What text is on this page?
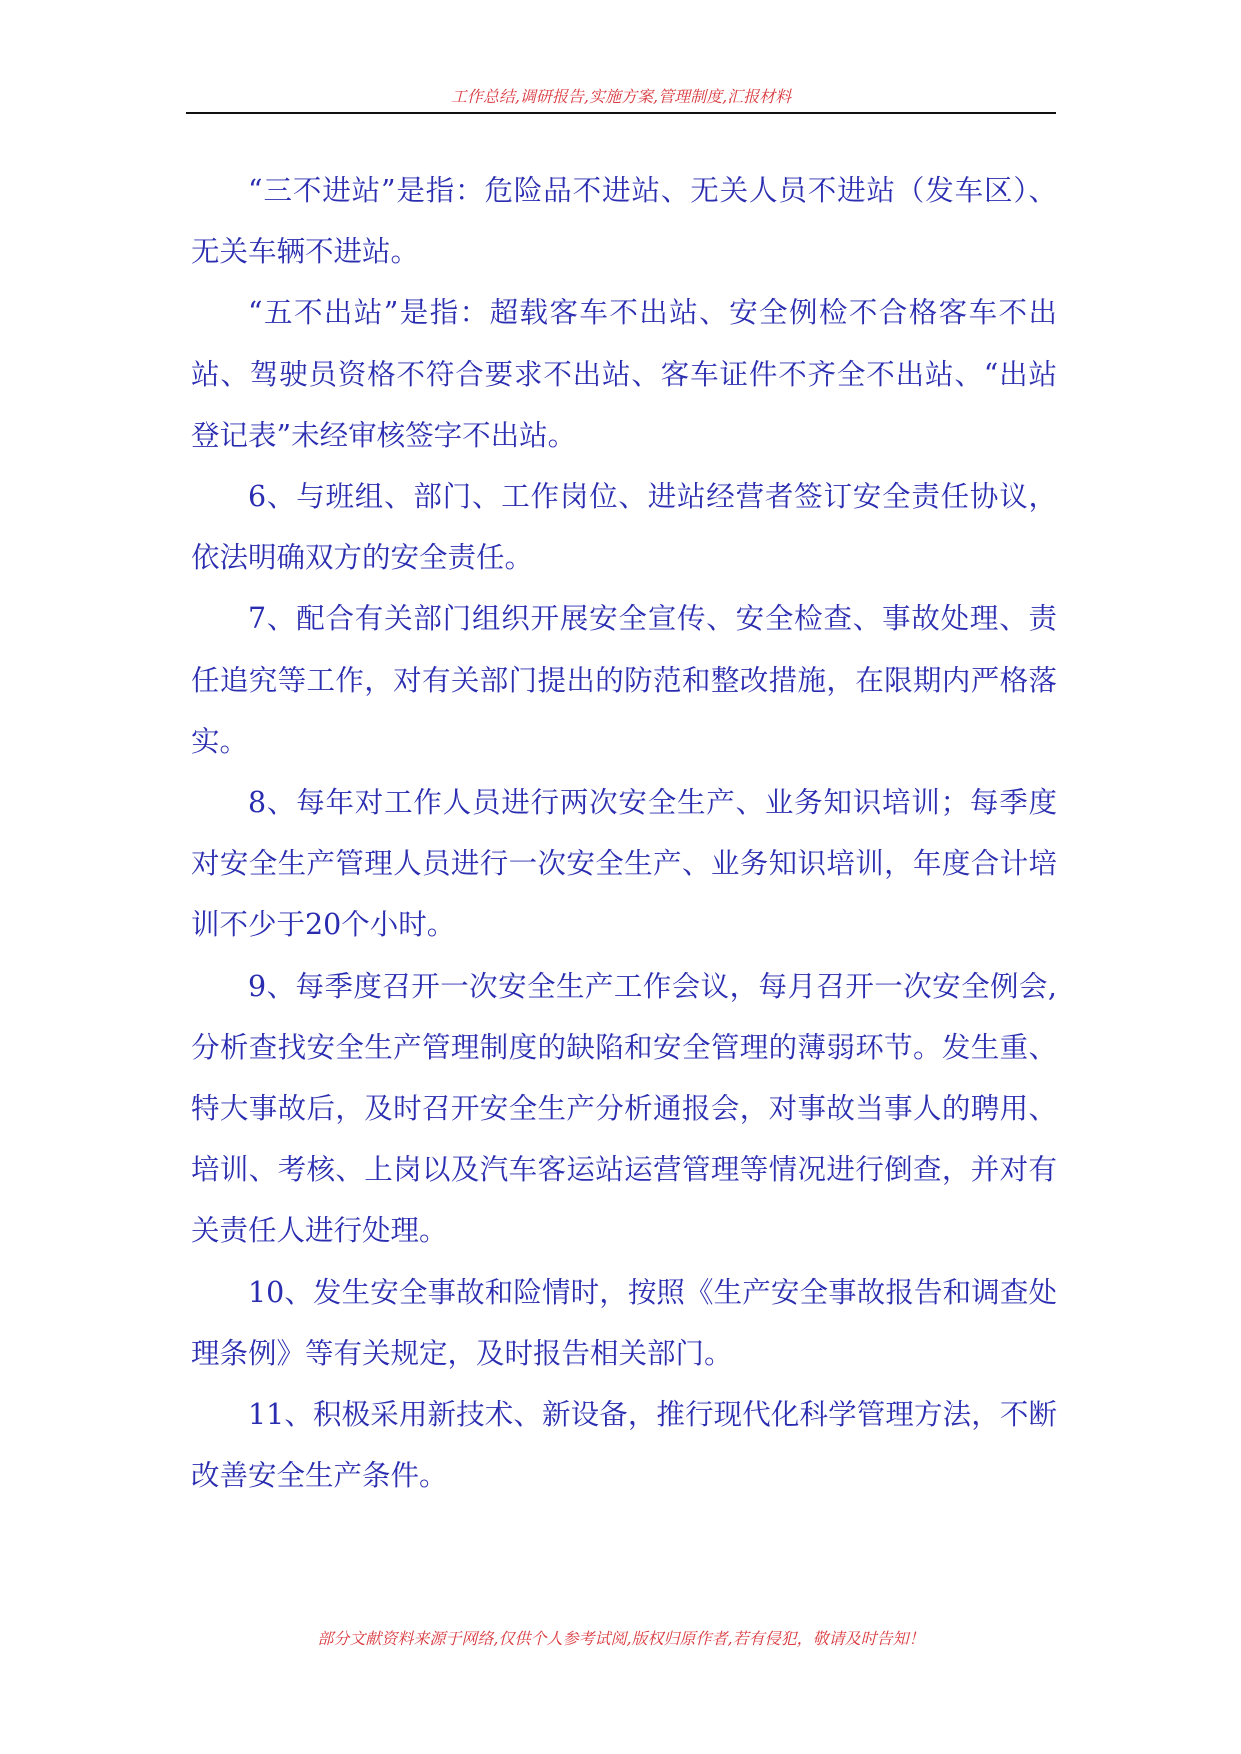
工作总结,调研报告,实施方案,管理制度,汇报材料

“三不进站”是指：危险品不进站、无关人员不进站（发车区）、无关车辆不进站。

“五不出站”是指：超载客车不出站、安全例检不合格客车不出站、驾驶员资格不符合要求不出站、客车证件不齐全不出站、“出站登记表”未经审核签字不出站。

6、与班组、部门、工作岗位、进站经营者签订安全责任协议，依法明确双方的安全责任。

7、配合有关部门组织开展安全宣传、安全检查、事故处理、责任追究等工作，对有关部门提出的防范和整改措施，在限期内严格落实。

8、每年对工作人员进行两次安全生产、业务知识培训；每季度对安全生产管理人员进行一次安全生产、业务知识培训，年度合计培训不少于20个小时。

9、每季度召开一次安全生产工作会议，每月召开一次安全例会,分析查找安全生产管理制度的缺陷和安全管理的薄弱环节。发生重、特大事故后，及时召开安全生产分析通报会，对事故当事人的聘用、培训、考核、上岗以及汽车客运站运营管理等情况进行倒查，并对有关责任人进行处理。

10、发生安全事故和险情时，按照《生产安全事故报告和调查处理条例》等有关规定，及时报告相关部门。

11、积极采用新技术、新设备，推行现代化科学管理方法，不断改善安全生产条件。

部分文献资料来源于网络,仅供个人参考试阅,版权归原作者,若有侵犯，敬请及时告知！
